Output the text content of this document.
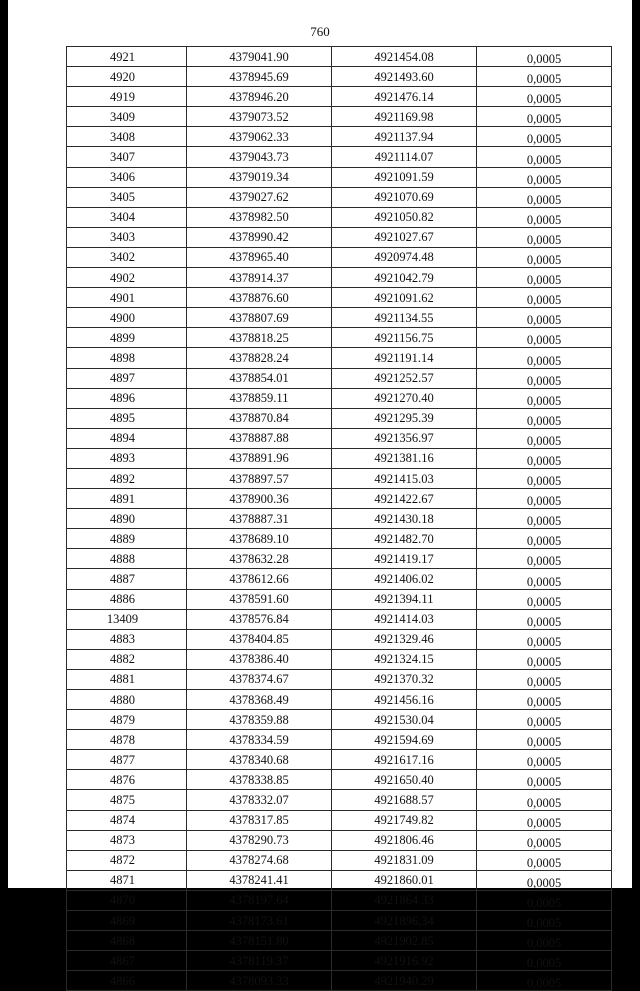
760
4921	4379041.90	4921454.08	0,0005
4920	4378945.69	4921493.60	0,0005
4919	4378946.20	4921476.14	0,0005
3409	4379073.52	4921169.98	0,0005
3408	4379062.33	4921137.94	0,0005
3407	4379043.73	4921114.07	0,0005
3406	4379019.34	4921091.59	0,0005
3405	4379027.62	4921070.69	0,0005
3404	4378982.50	4921050.82	0,0005
3403	4378990.42	4921027.67	0,0005
3402	4378965.40	4920974.48	0,0005
4902	4378914.37	4921042.79	0,0005
4901	4378876.60	4921091.62	0,0005
4900	4378807.69	4921134.55	0,0005
4899	4378818.25	4921156.75	0,0005
4898	4378828.24	4921191.14	0,0005
4897	4378854.01	4921252.57	0,0005
4896	4378859.11	4921270.40	0,0005
4895	4378870.84	4921295.39	0,0005
4894	4378887.88	4921356.97	0,0005
4893	4378891.96	4921381.16	0,0005
4892	4378897.57	4921415.03	0,0005
4891	4378900.36	4921422.67	0,0005
4890	4378887.31	4921430.18	0,0005
4889	4378689.10	4921482.70	0,0005
4888	4378632.28	4921419.17	0,0005
4887	4378612.66	4921406.02	0,0005
4886	4378591.60	4921394.11	0,0005
13409	4378576.84	4921414.03	0,0005
4883	4378404.85	4921329.46	0,0005
4882	4378386.40	4921324.15	0,0005
4881	4378374.67	4921370.32	0,0005
4880	4378368.49	4921456.16	0,0005
4879	4378359.88	4921530.04	0,0005
4878	4378334.59	4921594.69	0,0005
4877	4378340.68	4921617.16	0,0005
4876	4378338.85	4921650.40	0,0005
4875	4378332.07	4921688.57	0,0005
4874	4378317.85	4921749.82	0,0005
4873	4378290.73	4921806.46	0,0005
4872	4378274.68	4921831.09	0,0005
4871	4378241.41	4921860.01	0,0005
4870	4378197.64	4921864.33	0,0005
4869	4378173.61	4921896,34	0,0005
4868	4378151.80	4921902.85	0,0005
4867	4378119.37	4921916.92	0,0005
4866	4378093.33	4921940.29	0,0005
